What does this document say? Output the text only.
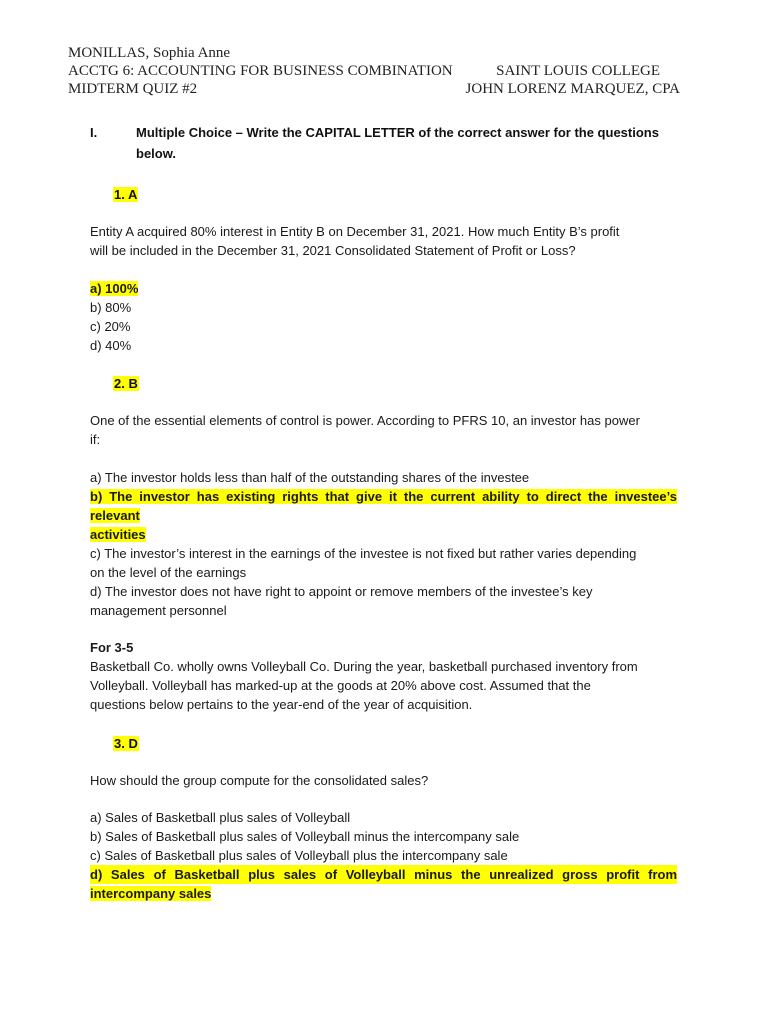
MONILLAS, Sophia Anne
ACCTG 6: ACCOUNTING FOR BUSINESS COMBINATION	SAINT LOUIS COLLEGE
MIDTERM QUIZ #2	JOHN LORENZ MARQUEZ, CPA
I.	Multiple Choice – Write the CAPITAL LETTER of the correct answer for the questions
below.
1. A
Entity A acquired 80% interest in Entity B on December 31, 2021. How much Entity B’s profit
will be included in the December 31, 2021 Consolidated Statement of Profit or Loss?
a) 100%
b) 80%
c) 20%
d) 40%
2. B
One of the essential elements of control is power. According to PFRS 10, an investor has power
if:
a) The investor holds less than half of the outstanding shares of the investee
b) The investor has existing rights that give it the current ability to direct the investee’s
relevant
activities
c) The investor’s interest in the earnings of the investee is not fixed but rather varies depending
on the level of the earnings
d) The investor does not have right to appoint or remove members of the investee’s key
management personnel
For 3-5
Basketball Co. wholly owns Volleyball Co. During the year, basketball purchased inventory from
Volleyball. Volleyball has marked-up at the goods at 20% above cost. Assumed that the
questions below pertains to the year-end of the year of acquisition.
3. D
How should the group compute for the consolidated sales?
a) Sales of Basketball plus sales of Volleyball
b) Sales of Basketball plus sales of Volleyball minus the intercompany sale
c) Sales of Basketball plus sales of Volleyball plus the intercompany sale
d) Sales of Basketball plus sales of Volleyball minus the unrealized gross profit from
intercompany sales
